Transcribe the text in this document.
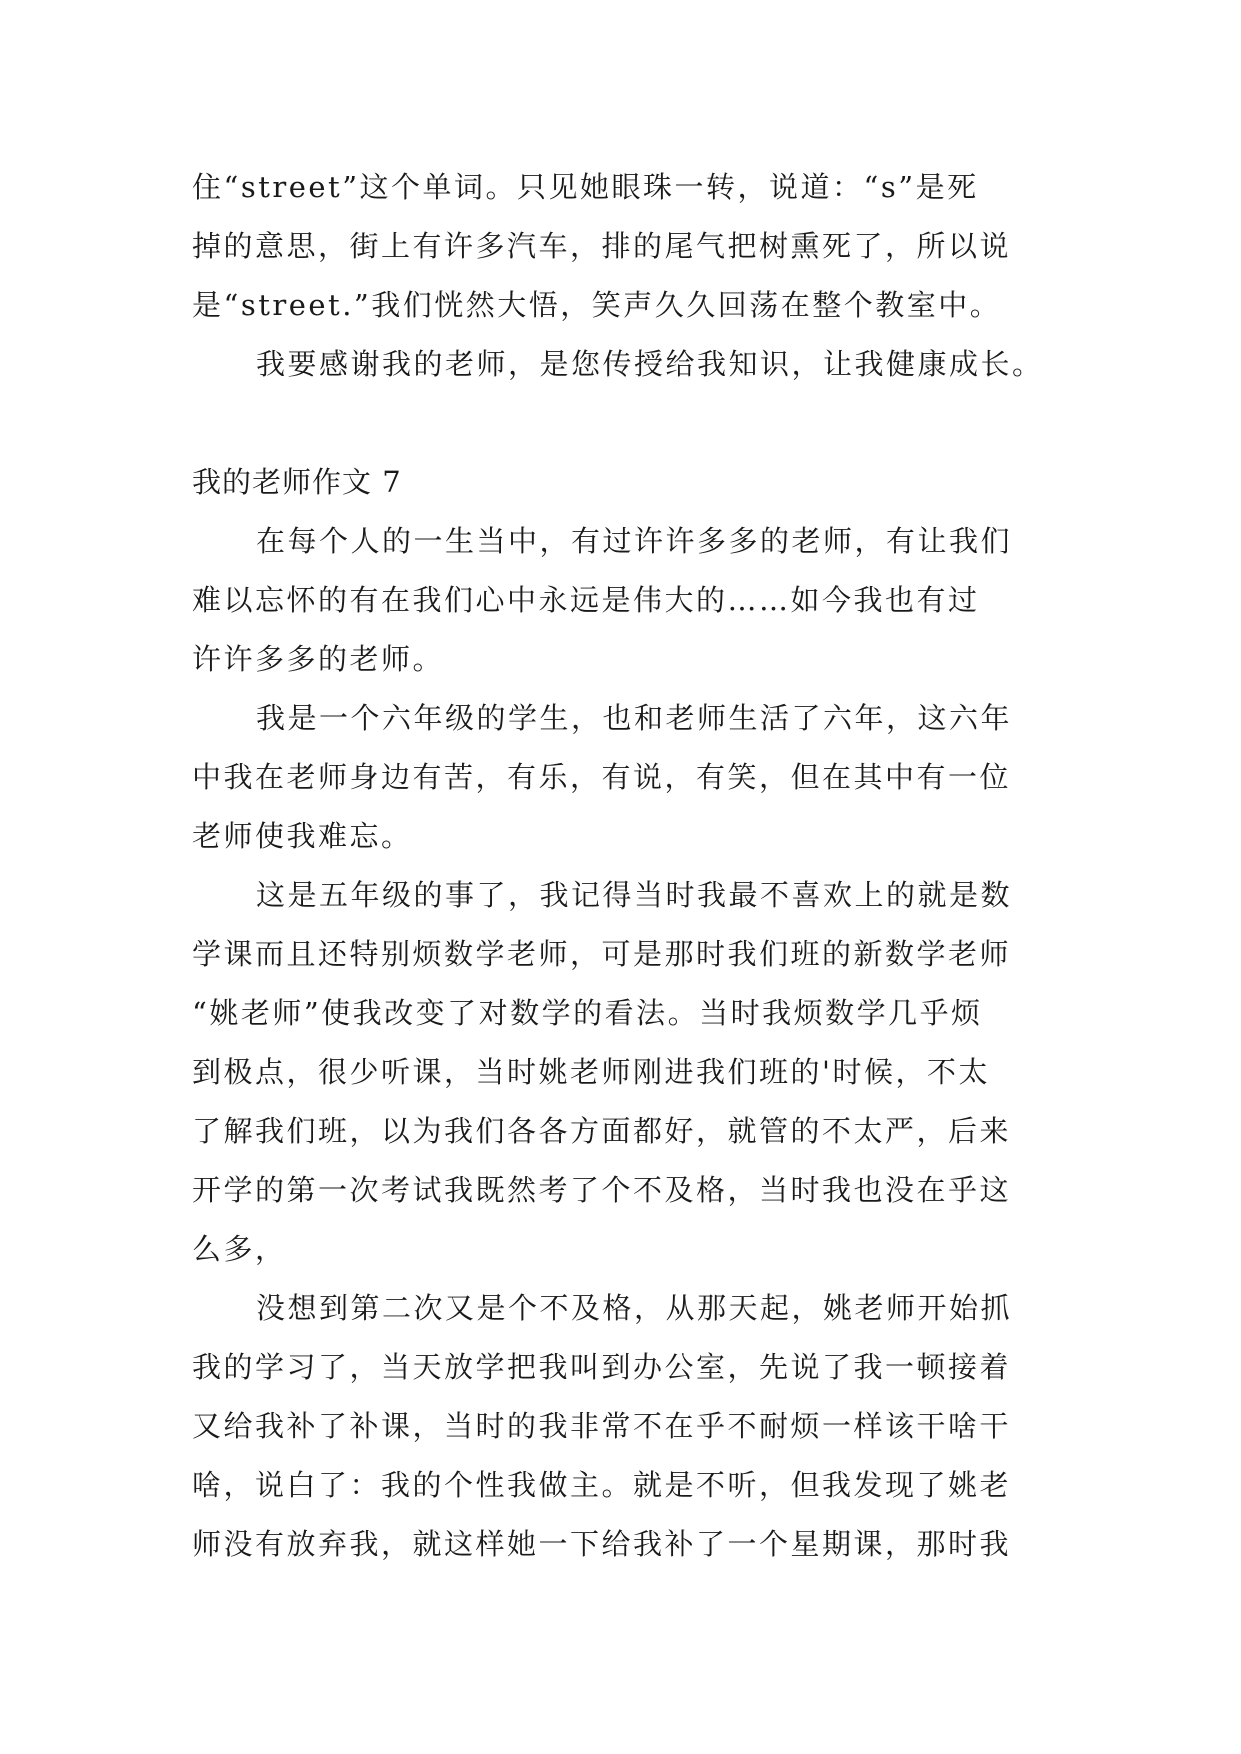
住“street”这个单词。只见她眼珠一转，说道：“s”是死
掉的意思，街上有许多汽车，排的尾气把树熏死了，所以说
是“street.”我们恍然大悟，笑声久久回荡在整个教室中。
我要感谢我的老师，是您传授给我知识，让我健康成长。
我的老师作文 7
在每个人的一生当中，有过许许多多的老师，有让我们
难以忘怀的有在我们心中永远是伟大的……如今我也有过
许许多多的老师。
我是一个六年级的学生，也和老师生活了六年，这六年
中我在老师身边有苦，有乐，有说，有笑，但在其中有一位
老师使我难忘。
这是五年级的事了，我记得当时我最不喜欢上的就是数
学课而且还特别烦数学老师，可是那时我们班的新数学老师
“姚老师”使我改变了对数学的看法。当时我烦数学几乎烦
到极点，很少听课，当时姚老师刚进我们班的'时候，不太
了解我们班，以为我们各各方面都好，就管的不太严，后来
开学的第一次考试我既然考了个不及格，当时我也没在乎这
么多，
没想到第二次又是个不及格，从那天起，姚老师开始抓
我的学习了，当天放学把我叫到办公室，先说了我一顿接着
又给我补了补课，当时的我非常不在乎不耐烦一样该干啥干
啥，说白了：我的个性我做主。就是不听，但我发现了姚老
师没有放弃我，就这样她一下给我补了一个星期课，那时我
